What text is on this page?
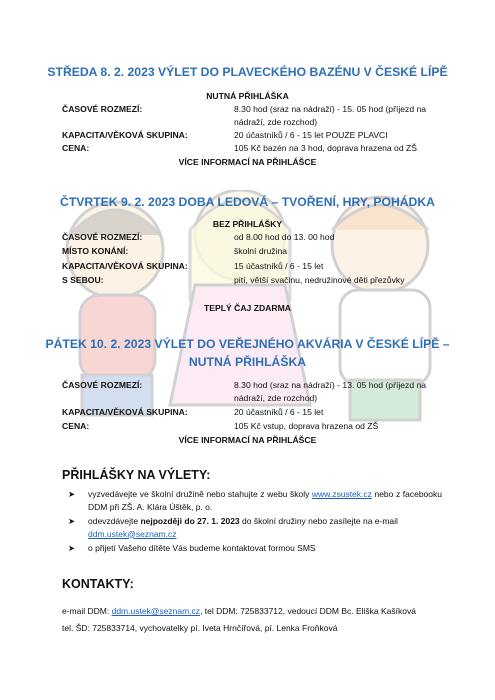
STŘEDA 8. 2. 2023 VÝLET DO PLAVECKÉHO BAZÉNU V ČESKÉ LÍPĚ
NUTNÁ PŘIHLÁŠKA
ČASOVÉ ROZMEZÍ:	8.30 hod (sraz na nádraží) - 15. 05 hod (příjezd na nádraží, zde rozchod)
KAPACITA/VĚKOVÁ SKUPINA:	20 účastníků / 6 - 15 let POUZE PLAVCI
CENA:	105 Kč bazén na 3 hod, doprava hrazena od ZŠ
VÍCE INFORMACÍ NA PŘIHLÁŠCE
ČTVRTEK 9. 2. 2023 DOBA LEDOVÁ – TVOŘENÍ, HRY, POHÁDKA
BEZ PŘIHLÁŠKY
ČASOVÉ ROZMEZÍ:	od 8.00 hod do 13. 00 hod
MÍSTO KONÁNÍ:	školní družina
KAPACITA/VĚKOVÁ SKUPINA:	15 účastníků / 6 - 15 let
S SEBOU:	pití, větší svačinu, nedružinové děti přezůvky
TEPLÝ ČAJ ZDARMA
PÁTEK 10. 2. 2023 VÝLET DO VEŘEJNÉHO AKVÁRIA V ČESKÉ LÍPĚ –
NUTNÁ PŘIHLÁŠKA
ČASOVÉ ROZMEZÍ:	8.30 hod (sraz na nádraží) - 13. 05 hod (příjezd na nádraží, zde rozchod)
KAPACITA/VĚKOVÁ SKUPINA:	20 účastníků / 6 - 15 let
CENA:	105 Kč vstup, doprava hrazena od ZŠ
VÍCE INFORMACÍ NA PŘIHLÁŠCE
PŘIHLÁŠKY NA VÝLETY:
➤ vyzvedávejte ve školní družině nebo stahujte z webu školy www.zsustek.cz nebo z facebooku DDM při ZŠ. A. Klára Úštěk, p. o.
➤ odevzdávejte nejpozději do 27. 1. 2023 do školní družiny nebo zasílejte na e-mail
ddm.ustek@seznam.cz
➤ o přijetí Vašeho dítěte Vás budeme kontaktovat formou SMS
KONTAKTY:
e-mail DDM: ddm.ustek@seznam.cz, tel DDM: 725833712, vedoucí DDM Bc. Eliška Kašíková
tel. ŠD: 725833714, vychovatelky pí. Iveta Hrnčířová, pí. Lenka Froňková
